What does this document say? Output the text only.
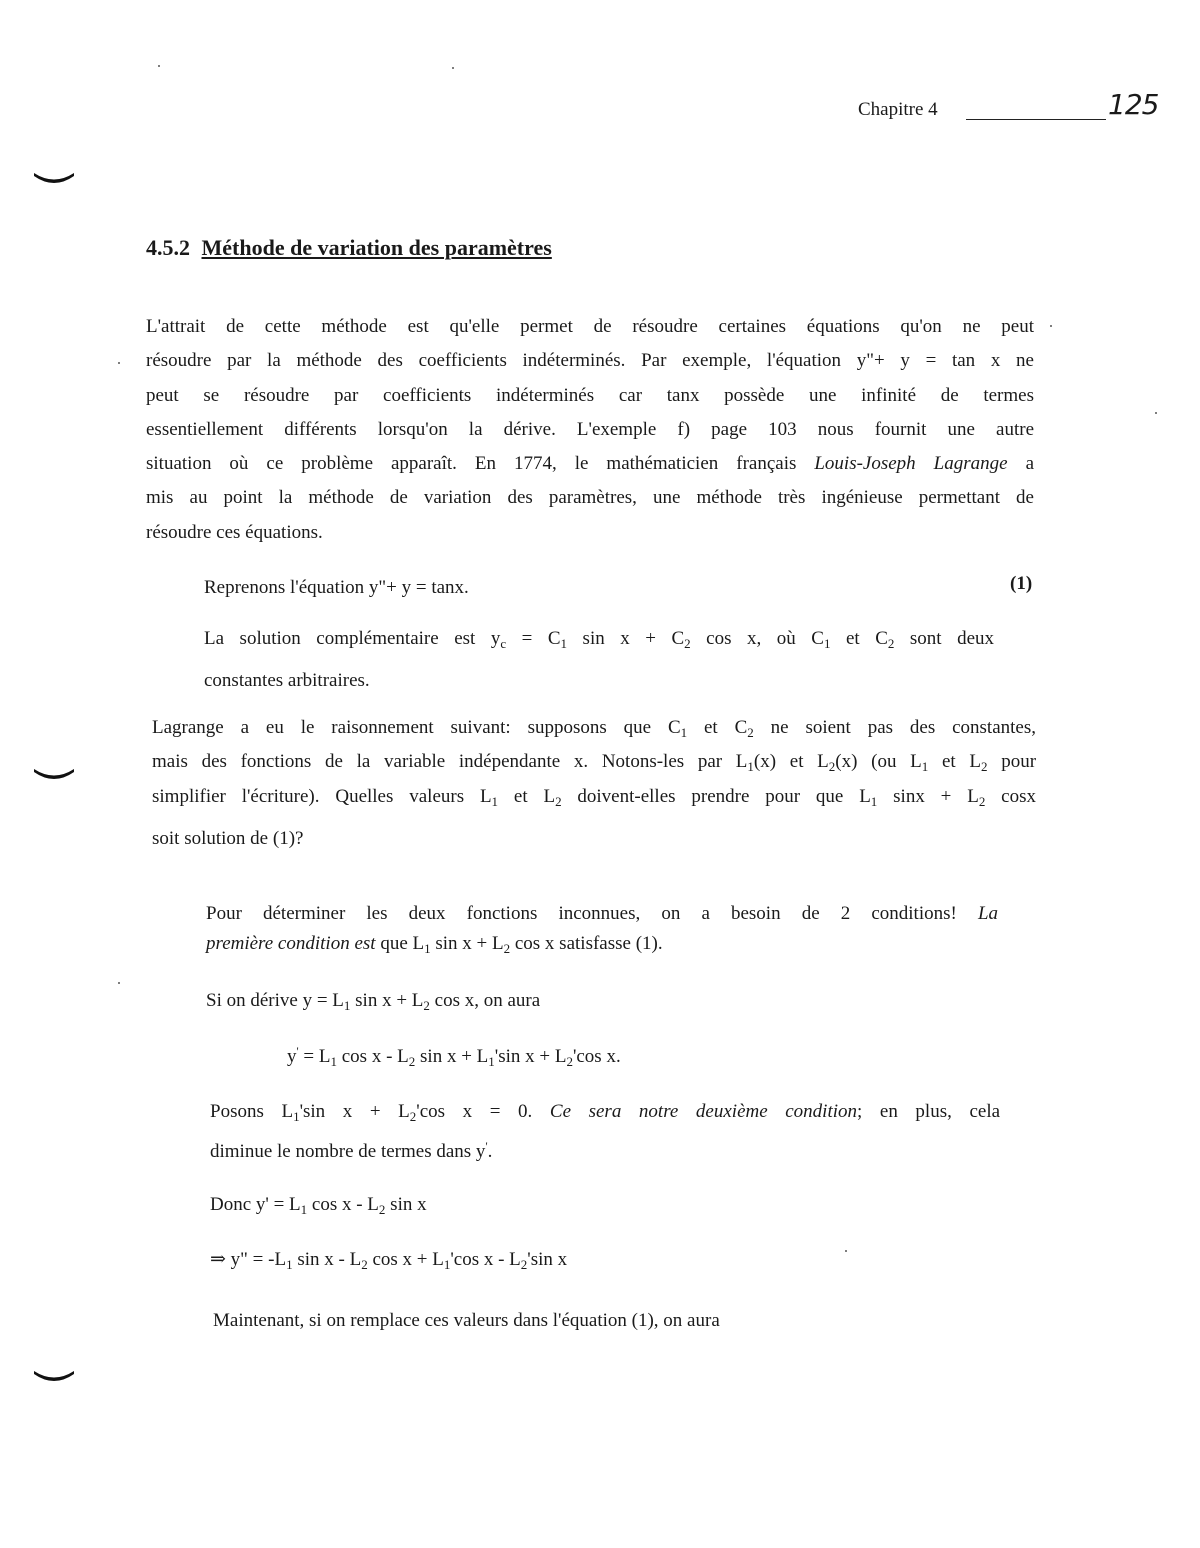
Chapitre 4	125
4.5.2 Méthode de variation des paramètres
L'attrait de cette méthode est qu'elle permet de résoudre certaines équations qu'on ne peut
résoudre par la méthode des coefficients indéterminés. Par exemple, l'équation y"+ y = tan x ne
peut se résoudre par coefficients indéterminés car tanx possède une infinité de termes
essentiellement différents lorsqu'on la dérive. L'exemple f) page 103 nous fournit une autre
situation où ce problème apparaît. En 1774, le mathématicien français Louis-Joseph Lagrange a
mis au point la méthode de variation des paramètres, une méthode très ingénieuse permettant de
résoudre ces équations.
Reprenons l'équation y"+ y = tanx.	(1)
La solution complémentaire est $y_c = C_1$ $\sin x + C_2$ cos x, où $C_1$ et $C_2$ sont deux
constantes arbitraires.
Lagrange a eu le raisonnement suivant: supposons que $C_1$ et $C_2$ ne soient pas des constantes,
mais des fonctions de la variable indépendante x. Notons-les par $L_1(x)$ et $L_2(x)$ (ou $L_1$ et $L_2$ pour
simplifier l'écriture). Quelles valeurs $L_1$ et $L_2$ doivent-elles prendre pour que $L_1$ $\sin x + L_2$ cosx
soit solution de (1)?
Pour déterminer les deux fonctions inconnues, on a besoin de 2 conditions! La
première condition est que $L_1$ $\sin x + L_2$ cos x satisfasse (1).
Si on dérive $y = L_1$ $\sin x + L_2$ cos x, on aura
$y' = L_1$ cos x - $L_2$ $\sin x + L_1'\sin$ $x + L_2'\cos$ x.
Posons $L_1'\sin$ $x + L_2'\cos$ x = 0. Ce sera notre deuxième condition; en plus, cela
diminue le nombre de termes dans y'.
Donc $y' = L_1$ cos x - $L_2$ sin x
⇒ y" = $-L_1$ sin x - $L_2$ $\cos x + L_1'\cos$ x - $L_2'\sin$ x
Maintenant, si on remplace ces valeurs dans l'équation (1), on aura
